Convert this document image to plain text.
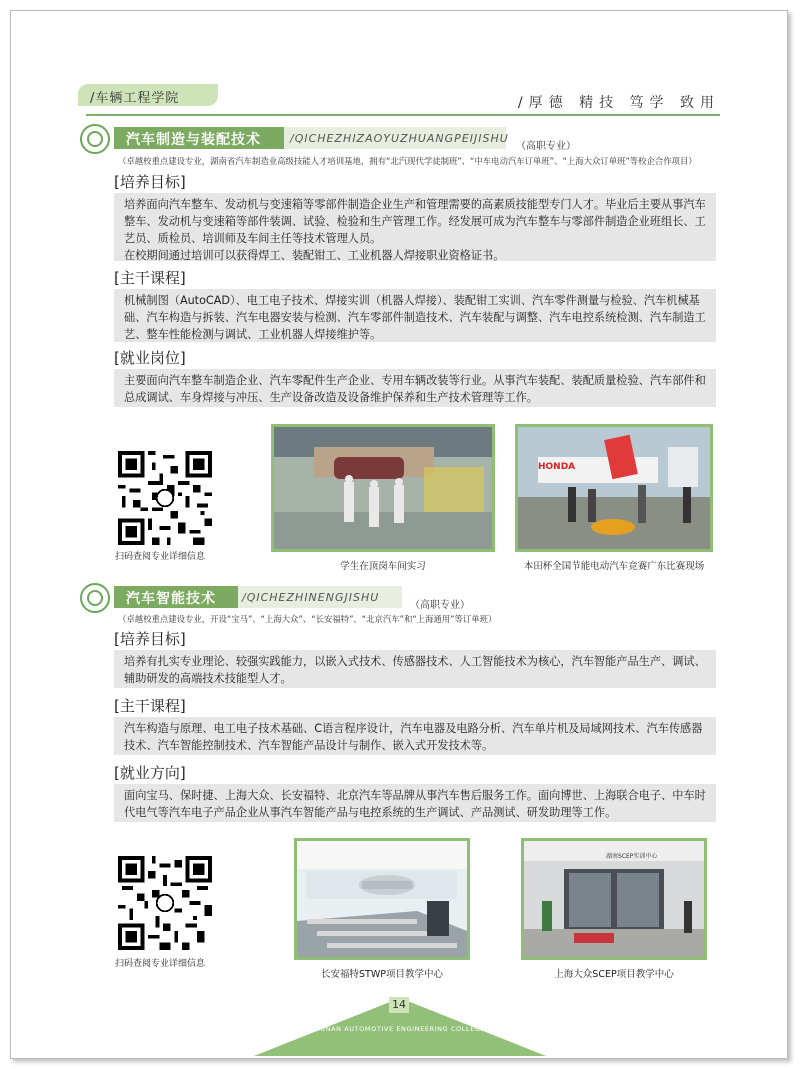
/车辆工程学院	/厚德 精技 笃学 致用
汽车制造与装配技术	/QICHEZHIZAOYUZHUANGPEIJISHU
（高职专业）
（卓越校重点建设专业，湖南省汽车制造业高级技能人才培训基地，拥有“北汽现代学徒制班”、“中车电动汽车订单班”、“上海大众订单班”等校企合作项目）
[培养目标]

培养面向汽车整车、发动机与变速箱等零部件制造企业生产和管理需要的高素质技能型专门人才。毕业后主要从事汽车整车、发动机与变速箱等部件装调、试验、检验和生产管理工作。经发展可成为汽车整车与零部件制造企业班组长、工艺员、质检员、培训师及车间主任等技术管理人员。
在校期间通过培训可以获得焊工、装配钳工、工业机器人焊接职业资格证书。

[主干课程]

机械制图（AutoCAD）、电工电子技术、焊接实训（机器人焊接）、装配钳工实训、汽车零件测量与检验、汽车机械基础、汽车构造与拆装、汽车电器安装与检测、汽车零部件制造技术、汽车装配与调整、汽车电控系统检测、汽车制造工艺、整车性能检测与调试、工业机器人焊接维护等。

[就业岗位]

主要面向汽车整车制造企业、汽车零配件生产企业、专用车辆改装等行业。从事汽车装配、装配质量检验、汽车部件和总成调试、车身焊接与冲压、生产设备改造及设备维护保养和生产技术管理等工作。

扫码查阅专业详细信息
学生在顶岗车间实习
HONDA
本田杯全国节能电动汽车竞赛广东比赛现场
汽车智能技术 /QICHEZHINENGJISHU
（高职专业）
（卓越校重点建设专业，开设“宝马”、“上海大众”、“长安福特”、“北京汽车”和“上海通用”等订单班）
[培养目标]

培养有扎实专业理论、较强实践能力，以嵌入式技术、传感器技术、人工智能技术为核心，汽车智能产品生产、调试、辅助研发的高端技术技能型人才。

[主干课程]

汽车构造与原理、电工电子技术基础、C语言程序设计，汽车电器及电路分析、汽车单片机及局域网技术、汽车传感器技术、汽车智能控制技术、汽车智能产品设计与制作、嵌入式开发技术等。

[就业方向]

面向宝马、保时捷、上海大众、长安福特、北京汽车等品牌从事汽车售后服务工作。面向博世、上海联合电子、中车时代电气等汽车电子产品企业从事汽车智能产品与电控系统的生产调试、产品测试、研发助理等工作。

扫码查阅专业详细信息
长安福特STWP项目教学中心
湖南SCEP实训中心
上海大众SCEP项目教学中心
14
HUNAN AUTOMOTIVE ENGINEERING COLLEGE
